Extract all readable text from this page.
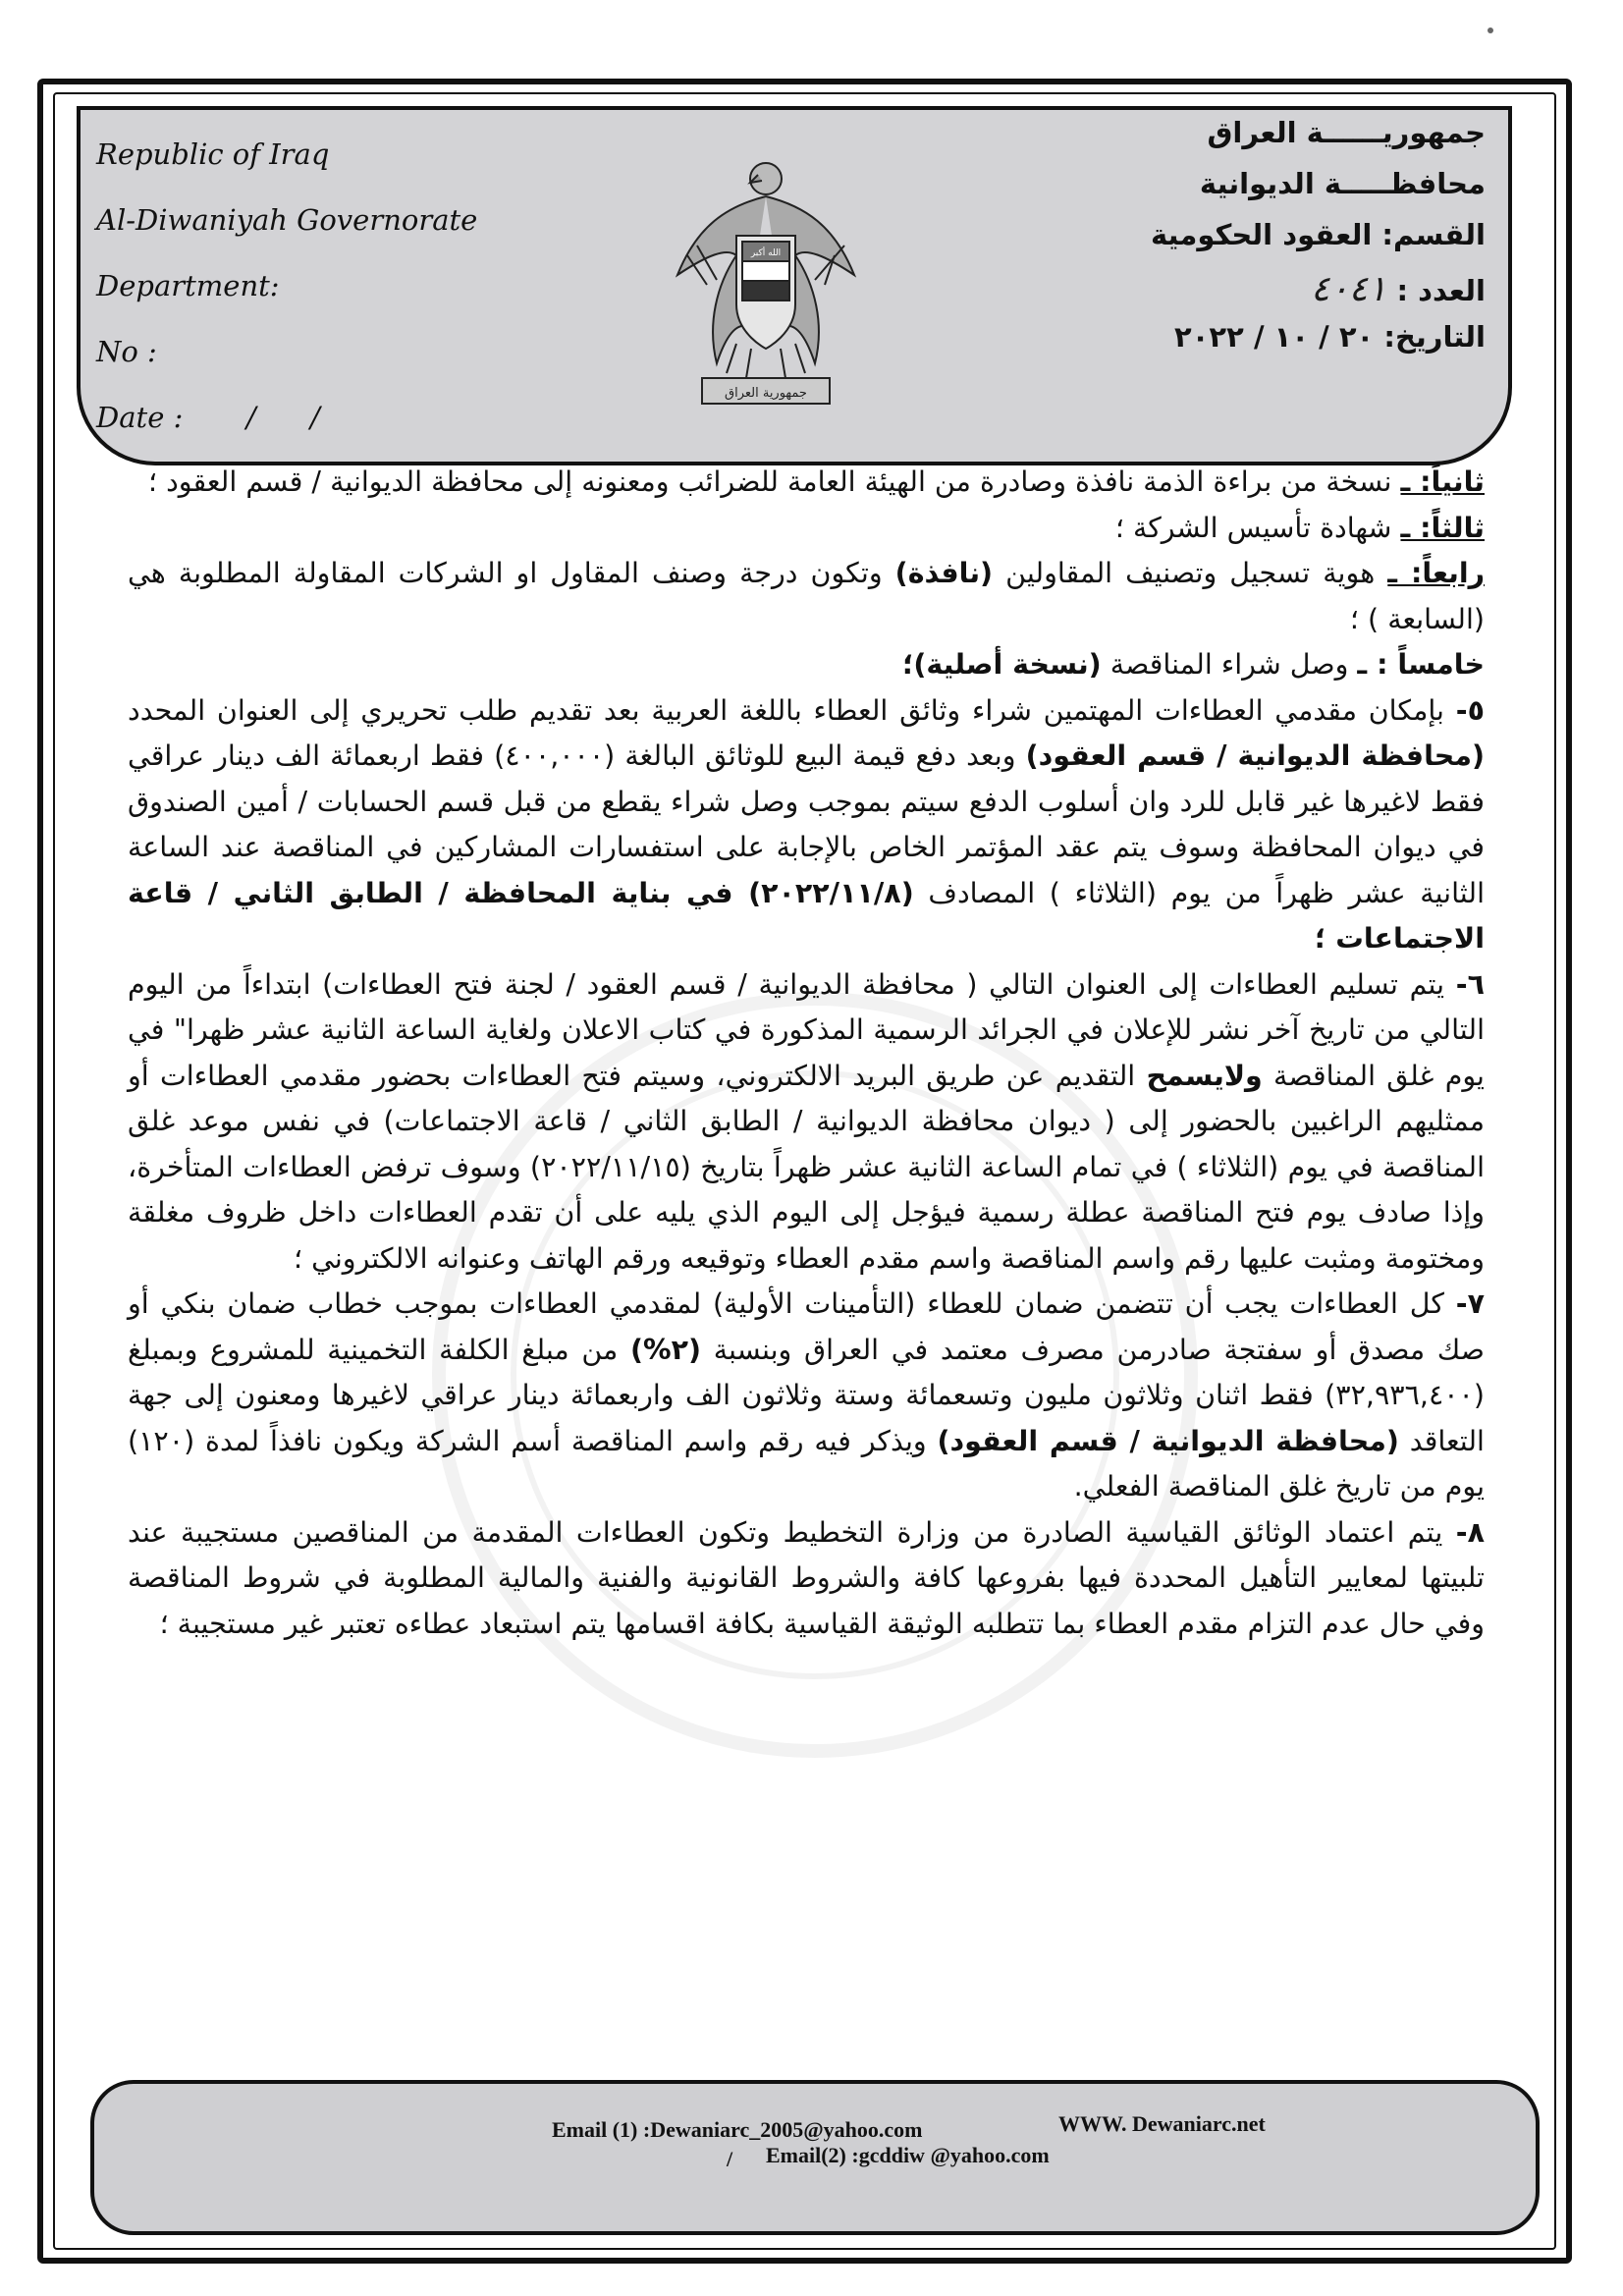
Republic of Iraq
Al-Diwaniyah Governorate
Department:
No :
Date :       /      /
الله أكبر
جمهورية العراق
جمهوريــــــة العراق
محافظـــــة الديوانية
القسم: العقود الحكومية
العدد : ٤٠٤١
التاريخ: ٢٠ / ١٠ / ٢٠٢٢

ثانياً: ـ نسخة من براءة الذمة نافذة وصادرة من الهيئة العامة للضرائب ومعنونه إلى محافظة الديوانية / قسم العقود ؛

ثالثاً: ـ شهادة تأسيس الشركة ؛

رابعاً: ـ هوية تسجيل وتصنيف المقاولين (نافذة) وتكون درجة وصنف المقاول او الشركات المقاولة المطلوبة هي (السابعة ) ؛

خامساً : ـ وصل شراء المناقصة (نسخة أصلية)؛

٥- بإمكان مقدمي العطاءات المهتمين شراء وثائق العطاء باللغة العربية بعد تقديم طلب تحريري إلى العنوان المحدد (محافظة الديوانية / قسم العقود) وبعد دفع قيمة البيع للوثائق البالغة (٤٠٠,٠٠٠) فقط اربعمائة الف دينار عراقي فقط لاغيرها غير قابل للرد وان أسلوب الدفع سيتم بموجب وصل شراء يقطع من قبل قسم الحسابات / أمين الصندوق في ديوان المحافظة وسوف يتم عقد المؤتمر الخاص بالإجابة على استفسارات المشاركين في المناقصة عند الساعة الثانية عشر ظهراً من يوم (الثلاثاء ) المصادف (٢٠٢٢/١١/٨) في بناية المحافظة / الطابق الثاني / قاعة الاجتماعات ؛

٦- يتم تسليم العطاءات إلى العنوان التالي ( محافظة الديوانية / قسم العقود / لجنة فتح العطاءات) ابتداءاً من اليوم التالي من تاريخ آخر نشر للإعلان في الجرائد الرسمية المذكورة في كتاب الاعلان ولغاية الساعة الثانية عشر ظهرا" في يوم غلق المناقصة ولايسمح التقديم عن طريق البريد الالكتروني، وسيتم فتح العطاءات بحضور مقدمي العطاءات أو ممثليهم الراغبين بالحضور إلى ( ديوان محافظة الديوانية / الطابق الثاني / قاعة الاجتماعات) في نفس موعد غلق المناقصة في يوم (الثلاثاء ) في تمام الساعة الثانية عشر ظهراً بتاريخ (٢٠٢٢/١١/١٥) وسوف ترفض العطاءات المتأخرة، وإذا صادف يوم فتح المناقصة عطلة رسمية فيؤجل إلى اليوم الذي يليه على أن تقدم العطاءات داخل ظروف مغلقة ومختومة ومثبت عليها رقم واسم المناقصة واسم مقدم العطاء وتوقيعه ورقم الهاتف وعنوانه الالكتروني ؛

٧- كل العطاءات يجب أن تتضمن ضمان للعطاء (التأمينات الأولية) لمقدمي العطاءات بموجب خطاب ضمان بنكي أو صك مصدق أو سفتجة صادرمن مصرف معتمد في العراق وبنسبة (٢%) من مبلغ الكلفة التخمينية للمشروع وبمبلغ (٣٢,٩٣٦,٤٠٠) فقط اثنان وثلاثون مليون وتسعمائة وستة وثلاثون الف واربعمائة دينار عراقي لاغيرها ومعنون إلى جهة التعاقد (محافظة الديوانية / قسم العقود) ويذكر فيه رقم واسم المناقصة أسم الشركة ويكون نافذاً لمدة (١٢٠) يوم من تاريخ غلق المناقصة الفعلي.

٨- يتم اعتماد الوثائق القياسية الصادرة من وزارة التخطيط وتكون العطاءات المقدمة من المناقصين مستجيبة عند تلبيتها لمعايير التأهيل المحددة فيها بفروعها كافة والشروط القانونية والفنية والمالية المطلوبة في شروط المناقصة وفي حال عدم التزام مقدم العطاء بما تتطلبه الوثيقة القياسية بكافة اقسامها يتم استبعاد عطاءه تعتبر غير مستجيبة ؛

Email (1) :Dewaniarc_2005@yahoo.com	WWW. Dewaniarc.net
/ Email(2) :gcddiw @yahoo.com
